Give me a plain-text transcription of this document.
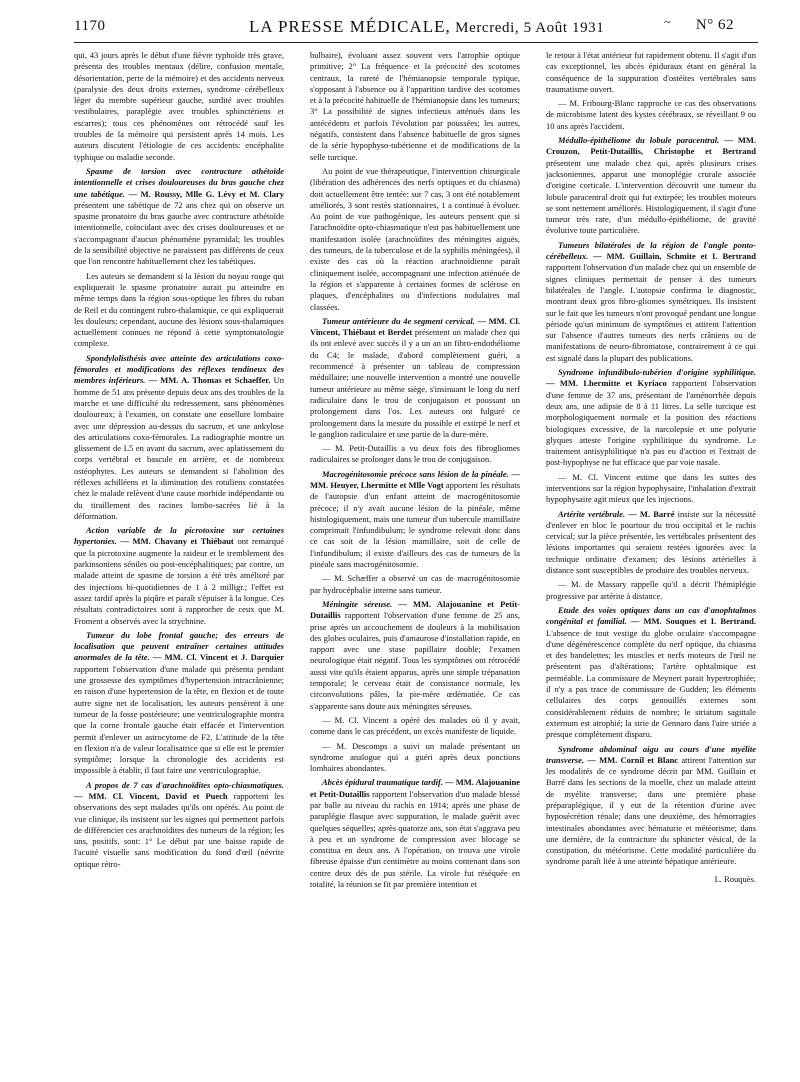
1170	LA PRESSE MÉDICALE, Mercredi, 5 Août 1931	~ N° 62

qui, 43 jours après le début d'une fièvre typhoïde très grave, présenta des troubles mentaux (délire, confusion mentale, désorientation, perte de la mémoire) et des accidents nerveux (paralysie des deux droits externes, syndrome cérébelleux léger du membre supérieur gauche, surdité avec troubles vestibulaires, paraplégie avec troubles sphinctériens et escarres); tous ces phénomènes ont rétrocédé sauf les troubles de la mémoire qui persistent après 14 mois. Les auteurs discutent l'étiologie de ces accidents: encéphalite typhique ou maladie seconde.

Spasme de torsion avec contracture athétoïde intentionnelle et crises douloureuses du bras gauche chez une tabétique. — M. Roussy, Mlle G. Lévy et M. Clary présentent une tabétique de 72 ans chez qui on observe un spasme pronatoire du bras gauche avec contracture athétoïde intentionnelle, coïncidant avec des crises douloureuses et ne s'accompagnant d'aucun phénomène pyramidal; les troubles de la sensibilité objective ne paraissent pas différents de ceux que l'on rencontre habituellement chez les tabétiques.

Les auteurs se demandent si la lésion du noyau rouge qui expliquerait le spasme pronatoire aurait pu atteindre en même temps dans la région sous-optique les fibres du ruban de Reil et du contingent rubro-thalamique, ce qui expliquerait les douleurs; cependant, aucune des lésions sous-thalamiques actuellement connues ne répond à cette symptomatologie complexe.

Spondylolisthésis avec atteinte des articulations coxo-fémorales et modifications des réflexes tendineux des membres inférieurs. — MM. A. Thomas et Schaeffer. Un homme de 51 ans présente depuis deux ans des troubles de la marche et une difficulté du redressement, sans phénomènes douloureux; à l'examen, on constate une ensellure lombaire avec une dépression au-dessus du sacrum, et une ankylose des articulations coxo-fémorales. La radiographie montre un glissement de L5 en avant du sacrum, avec aplatissement du corps vertébral et bascule en arrière, et de nombreux ostéophytes. Les auteurs se demandent si l'abolition des réflexes achilléens et la diminution des rotuliens constatées chez le malade relèvent d'une cause morbide indépendante ou du tiraillement des racines lombo-sacrées lié à la déformation.

Action variable de la picrotoxine sur certaines hypertonies. — MM. Chavany et Thiébaut ont remarqué que la picrotoxine augmente la raideur et le tremblement des parkinsoniens séniles ou post-encéphalitiques; par contre, un malade atteint de spasme de torsion a été très amélioré par des injections bi-quotidiennes de 1 à 2 milligr.; l'effet est assez tardif après la piqûre et paraît s'épuiser à la longue. Ces résultats contradictoires sont à rapprocher de ceux que M. Froment a observés avec la strychnine.

Tumeur du lobe frontal gauche; des erreurs de localisation que peuvent entraîner certaines attitudes anormales de la tête. — MM. Cl. Vincent et J. Darquier rapportent l'observation d'une malade qui présenta pendant une grossesse des symptômes d'hypertension intracrânienne; en raison d'une hypertension de la tête, en flexion et de toute autre signe net de localisation, les auteurs pensèrent à une tumeur de la fosse postérieure; une ventriculographie montra que la corne frontale gauche était effacée et l'intervention permit d'enlever un astrocytome de F2. L'attitude de la tête en flexion n'a de valeur localisatrice que si elle est le premier symptôme; lorsque la chronologie des accidents est impossible à établir, il faut faire une ventriculographie.

A propos de 7 cas d'arachnoïdites opto-chiasmatiques. — MM. Cl. Vincent, David et Puech rapportent les observations des sept malades qu'ils ont opérés. Au point de vue clinique, ils insistent sur les signes qui permettent parfois de différencier ces arachnoïdites des tumeurs de la région; les uns, positifs, sont: 1° Le début par une baisse rapide de l'acuité visuelle sans modification du fond d'œil (névrite optique rétro-

bulbaire), évoluant assez souvent vers l'atrophie optique primitive; 2° La fréquence et la précocité des scotomes centraux, la rareté de l'hémianopsie temporale typique, s'opposant à l'absence ou à l'apparition tardive des scotomes et à la précocité habituelle de l'hémianopsie dans les tumeurs; 3° La possibilité de signes infectieux atténués dans les antécédents et parfois l'évolution par poussées; les autres, négatifs, consistent dans l'absence habituelle de gros signes de la série hypophyso-tubérienne et de modifications de la selle turcique.

Au point de vue thérapeutique, l'intervention chirurgicale (libération des adhérences des nerfs optiques et du chiasma) doit actuellement être tentée: sur 7 cas, 3 ont été notablement améliorés, 3 sont restés stationnaires, 1 a continué à évoluer. Au point de vue pathogénique, les auteurs pensent que si l'arachnoïdite opto-chiasmatique n'est pas habituellement une manifestation isolée (arachnoïdites des méningites aiguës, des tumeurs, de la tuberculose et de la syphilis méningées), il existe des cas où la réaction arachnoïdienne paraît cliniquement isolée, accompagnant une infection atténuée de la région et s'apparente à certaines formes de sclérose en plaques, d'encéphalites ou d'infections nodulaires mal classées.

Tumeur antérieure du 4e segment cervical. — MM. Cl. Vincent, Thiébaut et Berdet présentent un malade chez qui ils ont enlevé avec succès il y a un an un fibro-endothéliome du C4; le malade, d'abord complètement guéri, a recommencé à présenter un tableau de compression médullaire; une nouvelle intervention a montré une nouvelle tumeur antérieure au même siège, s'insinuant le long du nerf radiculaire dans le trou de conjugaison et poussant un prolongement dans l'os. Les auteurs ont fulguré ce prolongement dans la mesure du possible et extirpé le nerf et le ganglion radiculaire et une partie de la dure-mère.

— M. Petit-Dutaillis a vu deux fois des fibrogliomes radiculaires se prolonger dans le trou de conjugaison.

Macrogénitosomie précoce sans lésion de la pinéale. — MM. Heuyer, Lhermitte et Mlle Vogt apportent les résultats de l'autopsie d'un enfant atteint de macrogénitosomie précoce; il n'y avait aucune lésion de la pinéale, même histologiquement, mais une tumeur d'un tubercule mamillaire comprimait l'infundibulum; le syndrome relevait donc dans ce cas soit de la lésion mamillaire, soit de celle de l'infundibulum; il existe d'ailleurs des cas de tumeurs de la pinéale sans macrogénitosomie.

— M. Schæffer a observé un cas de macrogénitosomie par hydrocéphalie interne sans tumeur.

Méningite séreuse. — MM. Alajouanine et Petit-Dutaillis rapportent l'observation d'une femme de 25 ans, prise après un accouchement de douleurs à la mobilisation des globes oculaires, puis d'amaurose d'installation rapide, en rapport avec une stase papillaire double; l'examen neurologique était négatif. Tous les symptômes ont rétrocédé aussi vite qu'ils étaient apparus, après une simple trépanation temporale; le cerveau était de consistance normale, les circonvolutions pâles, la pie-mère œdématiée. Ce cas s'apparente sans doute aux méningites séreuses.

— M. Cl. Vincent a opéré des malades où il y avait, comme dans le cas précédent, un excès manifeste de liquide.

— M. Descomps a suivi un malade présentant un syndrome analogue qui a guéri après deux ponctions lombaires abondantes.

Abcès épidural traumatique tardif. — MM. Alajouanine et Petit-Dutaillis rapportent l'observation d'un malade blessé par balle au niveau du rachis en 1914; après une phase de paraplégie flasque avec suppuration, le malade guérit avec quelques séquelles; après quatorze ans, son état s'aggrava peu à peu et un syndrome de compression avec blocage se constitua en deux ans. A l'opération, on trouva une virole fibreuse épaisse d'un centimètre au moins contenant dans son centre deux dés de pus stérile. La virole fut réséquée en totalité, la réunion se fit par première intention et

le retour à l'état antérieur fut rapidement obtenu. Il s'agit d'un cas exceptionnel, les abcès épiduraux étant en général la conséquence de la suppuration d'ostéites vertébrales sans traumatisme ouvert.

— M. Fribourg-Blanc rapproche ce cas des observations de microbisme latent des kystes cérébraux, se réveillant 9 ou 10 ans après l'accident.

Médullo-épithéliome du lobule paracentral. — MM. Crouzon, Petit-Dutaillis, Christophe et Bertrand présentent une malade chez qui, après plusieurs crises jacksoniennes, apparut une monoplégie crurale associée d'origine corticale. L'intervention découvrit une tumeur du lobule paracentral droit qui fut extirpée; les troubles moteurs se sont nettement améliorés. Histologiquement, il s'agit d'une tumeur très rare, d'un médullo-épithéliome, de gravité évolutive toute particulière.

Tumeurs bilatérales de la région de l'angle ponto-cérébelleux. — MM. Guillain, Schmite et I. Bertrand rapportent l'observation d'un malade chez qui un ensemble de signes cliniques permettait de penser à des tumeurs bilatérales de l'angle. L'autopsie confirma le diagnostic, montrant deux gros fibro-gliomes symétriques. Ils insistent sur le fait que les tumeurs n'ont provoqué pendant une longue période qu'un minimum de symptômes et attirent l'attention sur l'absence d'autres tumeurs des nerfs crâniens ou de manifestations de neuro-fibromatose, contrairement à ce qui est signalé dans la plupart des publications.

Syndrome infundibulo-tubérien d'origine syphilitique. — MM. Lhermitte et Kyriaco rapportent l'observation d'une femme de 37 ans, présentant de l'aménorrhée depuis deux ans, une adipsie de 8 à 11 litres. La selle turcique est morphologiquement normale et la position des réactions biologiques excessive, de la narcolepsie et une polyurie glyques atteste l'origine syphilitique du syndrome. Le traitement antisyphilitique n'a pas eu d'action et l'extrait de post-hypophyse ne fut efficace que par voie nasale.

— M. Cl. Vincent estime que dans les suites des interventions sur la région hypophysaire, l'inhalation d'extrait hypophysaire agit mieux que les injections.

Artérite vertébrale. — M. Barré insiste sur la nécessité d'enlever en bloc le pourtour du trou occipital et le rachis cervical; sur la pièce présentée, les vertébrales présentent des lésions importantes qui seraient restées ignorées avec la technique ordinaire d'examen; des lésions artérielles à distance sont susceptibles de produire des troubles nerveux.

— M. de Massary rappelle qu'il a décrit l'hémiplégie progressive par artérite à distance.

Etude des voies optiques dans un cas d'anophtalmos congénital et familial. — MM. Souques et I. Bertrand. L'absence de tout vestige du globe oculaire s'accompagne d'une dégénérescence complète du nerf optique, du chiasma et des bandelettes; les muscles et nerfs moteurs de l'œil ne présentent pas d'altérations; l'artère ophtalmique est perméable. La commissure de Meynert parait hypertrophiée; il n'y a pas trace de commissure de Gudden; les éléments cellulaires des corps genouillés externes sont considérablement réduits de nombre; le striatum sagittale externum est atrophié; la strie de Gennaro dans l'aire striée a presque complètement disparu.

Syndrome abdominal aigu au cours d'une myélite transverse. — MM. Cornil et Blanc attirent l'attention sur les modalités de ce syndrome décrit par MM. Guillain et Barré dans les sections de la moelle, chez un malade atteint de myélite transverse; dans une première phase préparaplégique, il y eut de la rétention d'urine avec hyposécrétion rénale; dans une deuxième, des hémorragies intestinales abondantes avec hématurie et météorisme; dans une dernière, de la contracture du sphincter vésical, de la constipation, du météorisme. Cette modalité particulière du syndrome paraît liée à une atteinte hépatique antérieure.

L. Rouquès.
